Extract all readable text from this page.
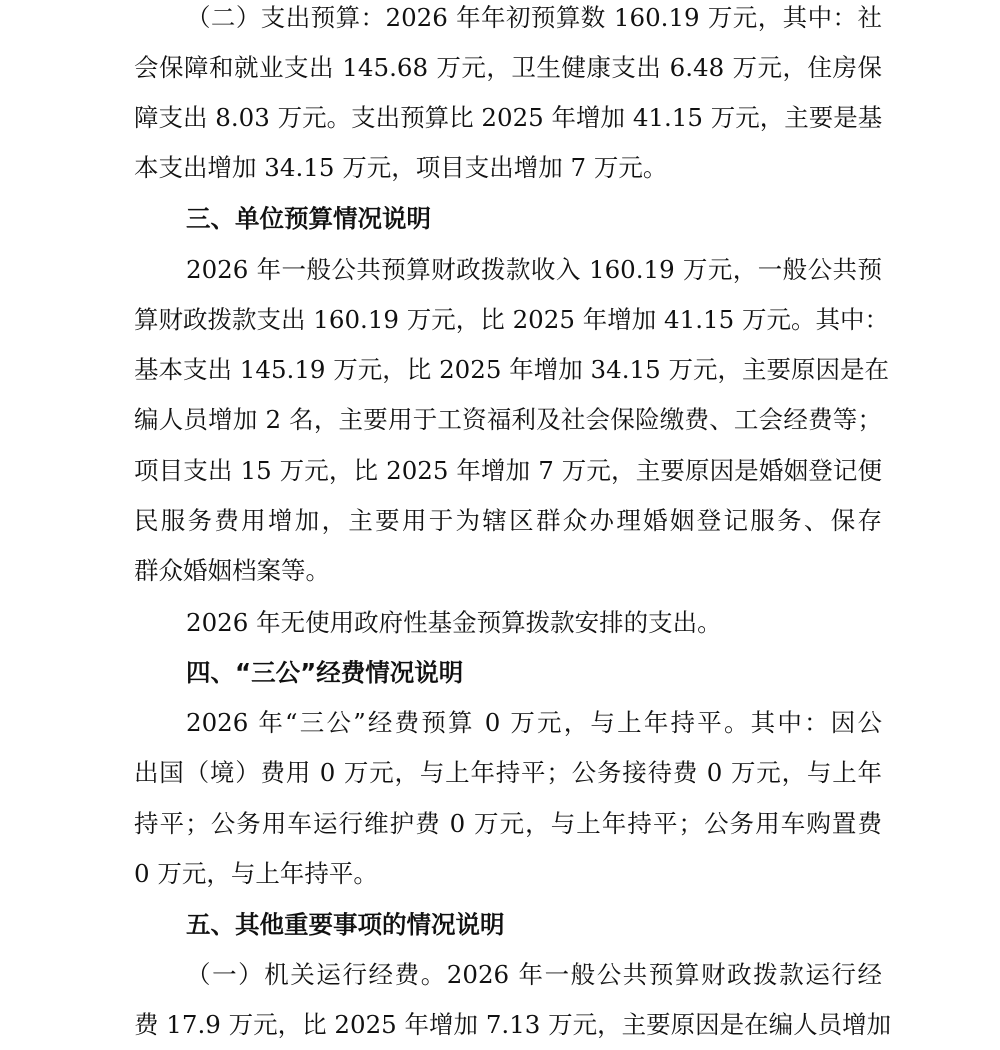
（二）支出预算：2026 年年初预算数 160.19 万元，其中：社
会保障和就业支出 145.68 万元，卫生健康支出 6.48 万元，住房保
障支出 8.03 万元。支出预算比 2025 年增加 41.15 万元，主要是基
本支出增加 34.15 万元，项目支出增加 7 万元。
三、单位预算情况说明
2026 年一般公共预算财政拨款收入 160.19 万元，一般公共预
算财政拨款支出 160.19 万元，比 2025 年增加 41.15 万元。其中：
基本支出 145.19 万元，比 2025 年增加 34.15 万元，主要原因是在
编人员增加 2 名，主要用于工资福利及社会保险缴费、工会经费等；
项目支出 15 万元，比 2025 年增加 7 万元，主要原因是婚姻登记便
民服务费用增加，主要用于为辖区群众办理婚姻登记服务、保存
群众婚姻档案等。
2026 年无使用政府性基金预算拨款安排的支出。
四、“三公”经费情况说明
2026 年“三公”经费预算 0 万元，与上年持平。其中：因公
出国（境）费用 0 万元，与上年持平；公务接待费 0 万元，与上年
持平；公务用车运行维护费 0 万元，与上年持平；公务用车购置费
0 万元，与上年持平。
五、其他重要事项的情况说明
（一）机关运行经费。2026 年一般公共预算财政拨款运行经
费 17.9 万元，比 2025 年增加 7.13 万元，主要原因是在编人员增加
